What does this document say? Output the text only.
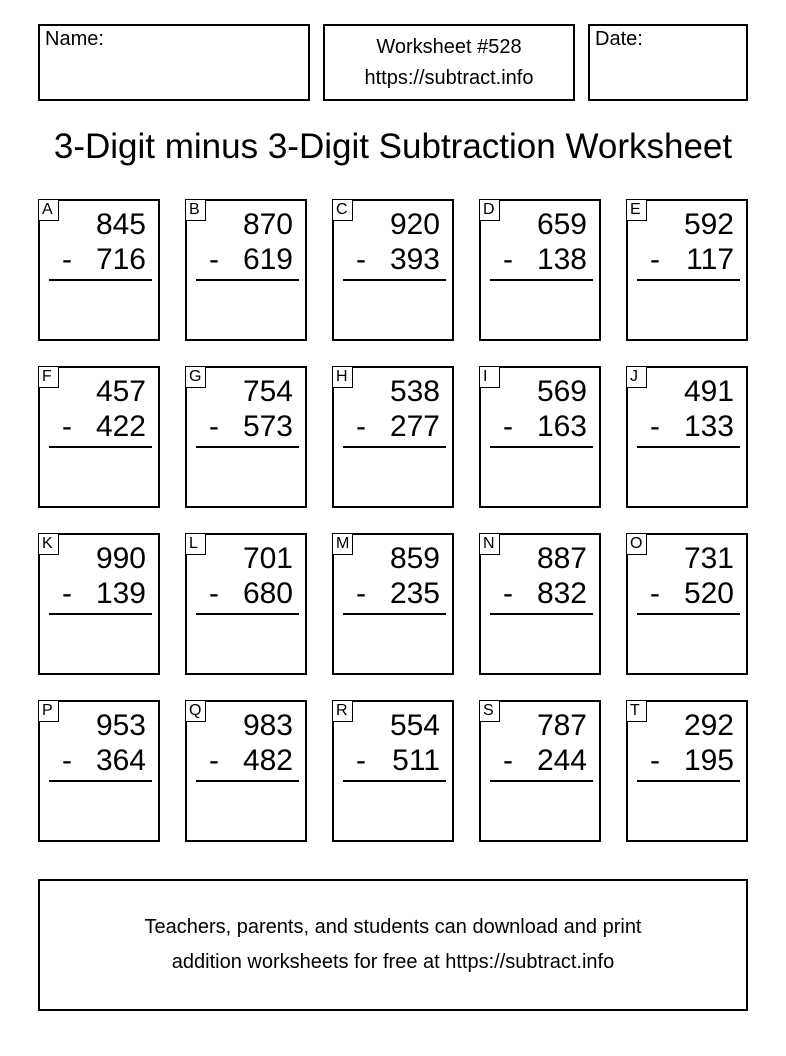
Name:	Worksheet #528
https://subtract.info
Date:
3-Digit minus 3-Digit Subtraction Worksheet
A 845
- 716
B 870
- 619
C 920
- 393
D 659
- 138
E 592
- 117
F 457
- 422
G 754
- 573
H 538
- 277
I	569
- 163
J	491
- 133
K 990
- 139
L 701
- 680
M 859
- 235
N 887
- 832
O 731
- 520
P 953
- 364
Q 983
- 482
R 554
- 511
S 787
- 244
T 292
- 195
Teachers, parents, and students can download and print
addition worksheets for free at https://subtract.info
